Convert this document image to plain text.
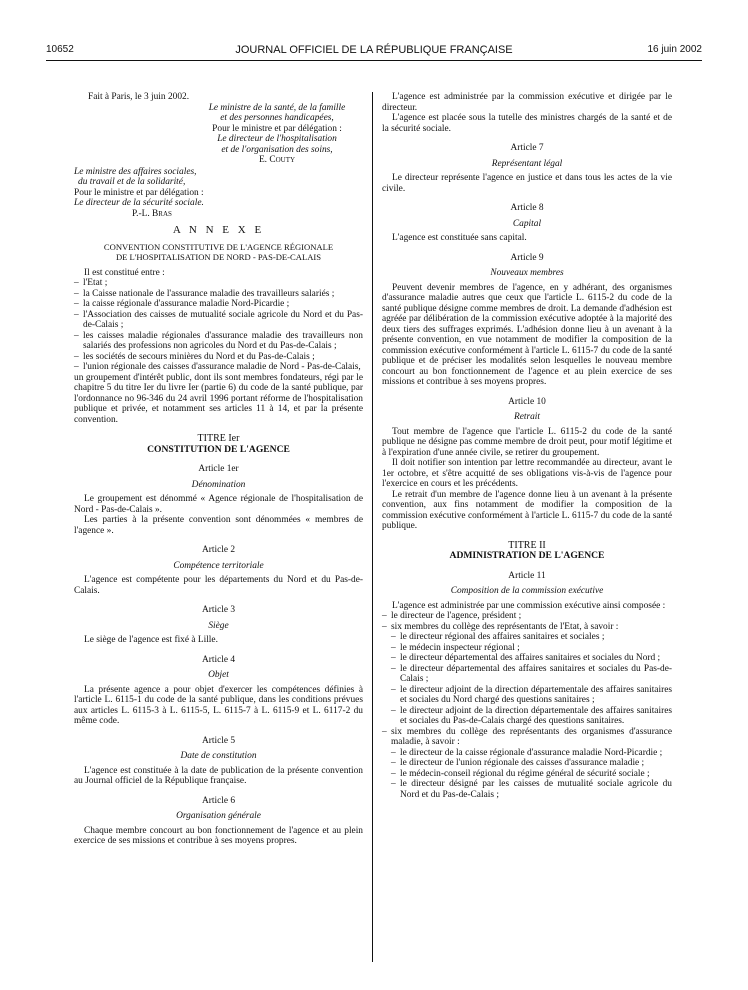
10652	JOURNAL OFFICIEL DE LA RÉPUBLIQUE FRANÇAISE	16 juin 2002

Fait à Paris, le 3 juin 2002.

Le ministre de la santé, de la famille
et des personnes handicapées,
Pour le ministre et par délégation :
Le directeur de l'hospitalisation
et de l'organisation des soins,
E. Couty
Le ministre des affaires sociales,
du travail et de la solidarité,
Pour le ministre et par délégation :
Le directeur de la sécurité sociale.
P.-L. Bras
A N N E X E
CONVENTION CONSTITUTIVE DE L'AGENCE RÉGIONALE
DE L'HOSPITALISATION DE NORD - PAS-DE-CALAIS

Il est constitué entre :

– l'Etat ;
– la Caisse nationale de l'assurance maladie des travailleurs salariés ;
– la caisse régionale d'assurance maladie Nord-Picardie ;
– l'Association des caisses de mutualité sociale agricole du Nord et du Pas-de-Calais ;
– les caisses maladie régionales d'assurance maladie des travailleurs non salariés des professions non agricoles du Nord et du Pas-de-Calais ;
– les sociétés de secours minières du Nord et du Pas-de-Calais ;
– l'union régionale des caisses d'assurance maladie de Nord - Pas-de-Calais,

un groupement d'intérêt public, dont ils sont membres fondateurs, régi par le chapitre 5 du titre Ier du livre Ier (partie 6) du code de la santé publique, par l'ordonnance no 96-346 du 24 avril 1996 portant réforme de l'hospitalisation publique et privée, et notamment ses articles 11 à 14, et par la présente convention.

TITRE Ier
CONSTITUTION DE L'AGENCE
Article 1er
Dénomination

Le groupement est dénommé « Agence régionale de l'hospitalisation de Nord - Pas-de-Calais ».

Les parties à la présente convention sont dénommées « membres de l'agence ».

Article 2
Compétence territoriale

L'agence est compétente pour les départements du Nord et du Pas-de-Calais.

Article 3
Siège

Le siège de l'agence est fixé à Lille.

Article 4
Objet

La présente agence a pour objet d'exercer les compétences définies à l'article L. 6115-1 du code de la santé publique, dans les conditions prévues aux articles L. 6115-3 à L. 6115-5, L. 6115-7 à L. 6115-9 et L. 6117-2 du même code.

Article 5
Date de constitution

L'agence est constituée à la date de publication de la présente convention au Journal officiel de la République française.

Article 6
Organisation générale

Chaque membre concourt au bon fonctionnement de l'agence et au plein exercice de ses missions et contribue à ses moyens propres.

L'agence est administrée par la commission exécutive et dirigée par le directeur.

L'agence est placée sous la tutelle des ministres chargés de la santé et de la sécurité sociale.

Article 7
Représentant légal

Le directeur représente l'agence en justice et dans tous les actes de la vie civile.

Article 8
Capital

L'agence est constituée sans capital.

Article 9
Nouveaux membres

Peuvent devenir membres de l'agence, en y adhérant, des organismes d'assurance maladie autres que ceux que l'article L. 6115-2 du code de la santé publique désigne comme membres de droit. La demande d'adhésion est agréée par délibération de la commission exécutive adoptée à la majorité des deux tiers des suffrages exprimés. L'adhésion donne lieu à un avenant à la présente convention, en vue notamment de modifier la composition de la commission exécutive conformément à l'article L. 6115-7 du code de la santé publique et de préciser les modalités selon lesquelles le nouveau membre concourt au bon fonctionnement de l'agence et au plein exercice de ses missions et contribue à ses moyens propres.

Article 10
Retrait

Tout membre de l'agence que l'article L. 6115-2 du code de la santé publique ne désigne pas comme membre de droit peut, pour motif légitime et à l'expiration d'une année civile, se retirer du groupement.

Il doit notifier son intention par lettre recommandée au directeur, avant le 1er octobre, et s'être acquitté de ses obligations vis-à-vis de l'agence pour l'exercice en cours et les précédents.

Le retrait d'un membre de l'agence donne lieu à un avenant à la présente convention, aux fins notamment de modifier la composition de la commission exécutive conformément à l'article L. 6115-7 du code de la santé publique.

TITRE II
ADMINISTRATION DE L'AGENCE
Article 11
Composition de la commission exécutive

L'agence est administrée par une commission exécutive ainsi composée :

– le directeur de l'agence, président ;
– six membres du collège des représentants de l'Etat, à savoir :
– le directeur régional des affaires sanitaires et sociales ;
– le médecin inspecteur régional ;
– le directeur départemental des affaires sanitaires et sociales du Nord ;
– le directeur départemental des affaires sanitaires et sociales du Pas-de-Calais ;
– le directeur adjoint de la direction départementale des affaires sanitaires et sociales du Nord chargé des questions sanitaires ;
– le directeur adjoint de la direction départementale des affaires sanitaires et sociales du Pas-de-Calais chargé des questions sanitaires.
– six membres du collège des représentants des organismes d'assurance maladie, à savoir :
– le directeur de la caisse régionale d'assurance maladie Nord-Picardie ;
– le directeur de l'union régionale des caisses d'assurance maladie ;
– le médecin-conseil régional du régime général de sécurité sociale ;
– le directeur désigné par les caisses de mutualité sociale agricole du Nord et du Pas-de-Calais ;
